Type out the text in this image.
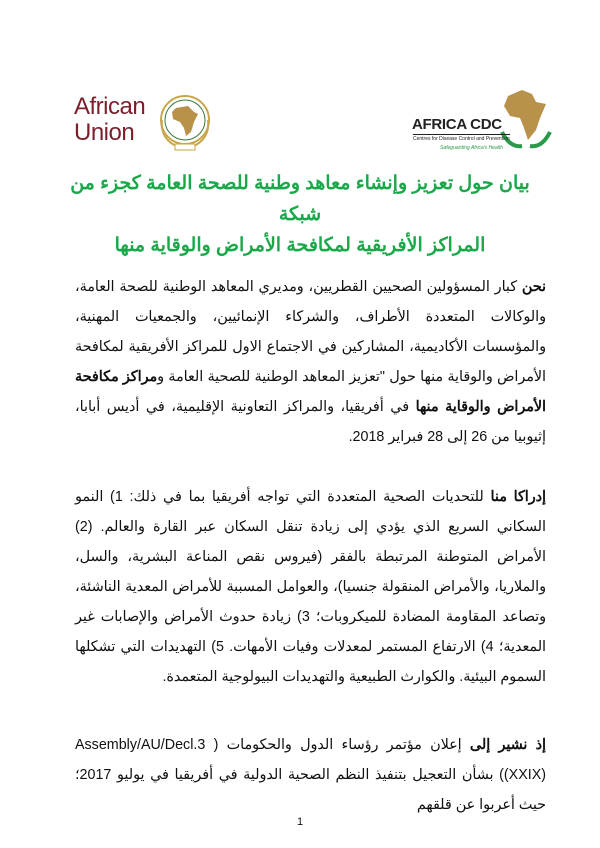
African
Union	AFRICA CDC
Centres for Disease Control and Prevention
Safeguarding Africa's Health
بيان حول تعزيز وإنشاء معاهد وطنية للصحة العامة كجزء من شبكة
المراكز الأفريقية لمكافحة الأمراض والوقاية منها

نحن كبار المسؤولين الصحيين القطريين، ومديري المعاهد الوطنية للصحة العامة، والوكالات المتعددة الأطراف، والشركاء الإنمائيين، والجمعيات المهنية، والمؤسسات الأكاديمية، المشاركين في الاجتماع الاول للمراكز الأفريقية لمكافحة الأمراض والوقاية منها حول "تعزيز المعاهد الوطنية للصحية العامة ومراكز مكافحة الأمراض والوقاية منها في أفريقيا، والمراكز التعاونية الإقليمية، في أديس أبابا، إثيوبيا من 26 إلى 28 فبراير 2018.

إدراكا منا للتحديات الصحية المتعددة التي تواجه أفريقيا بما في ذلك: 1) النمو السكاني السريع الذي يؤدي إلى زيادة تنقل السكان عبر القارة والعالم. (2) الأمراض المتوطنة المرتبطة بالفقر (فيروس نقص المناعة البشرية، والسل، والملاريا، والأمراض المنقولة جنسيا)، والعوامل المسببة للأمراض المعدية الناشئة، وتصاعد المقاومة المضادة للميكروبات؛ 3) زيادة حدوث الأمراض والإصابات غير المعدية؛ 4) الارتفاع المستمر لمعدلات وفيات الأمهات. 5) التهديدات التي تشكلها السموم البيئية. والكوارث الطبيعية والتهديدات البيولوجية المتعمدة.

إذ نشير إلى إعلان مؤتمر رؤساء الدول والحكومات ( Assembly/AU/Decl.3 (XXIX)) بشأن التعجيل بتنفيذ النظم الصحية الدولية في أفريقيا في يوليو 2017؛ حيث أعربوا عن قلقهم

1
